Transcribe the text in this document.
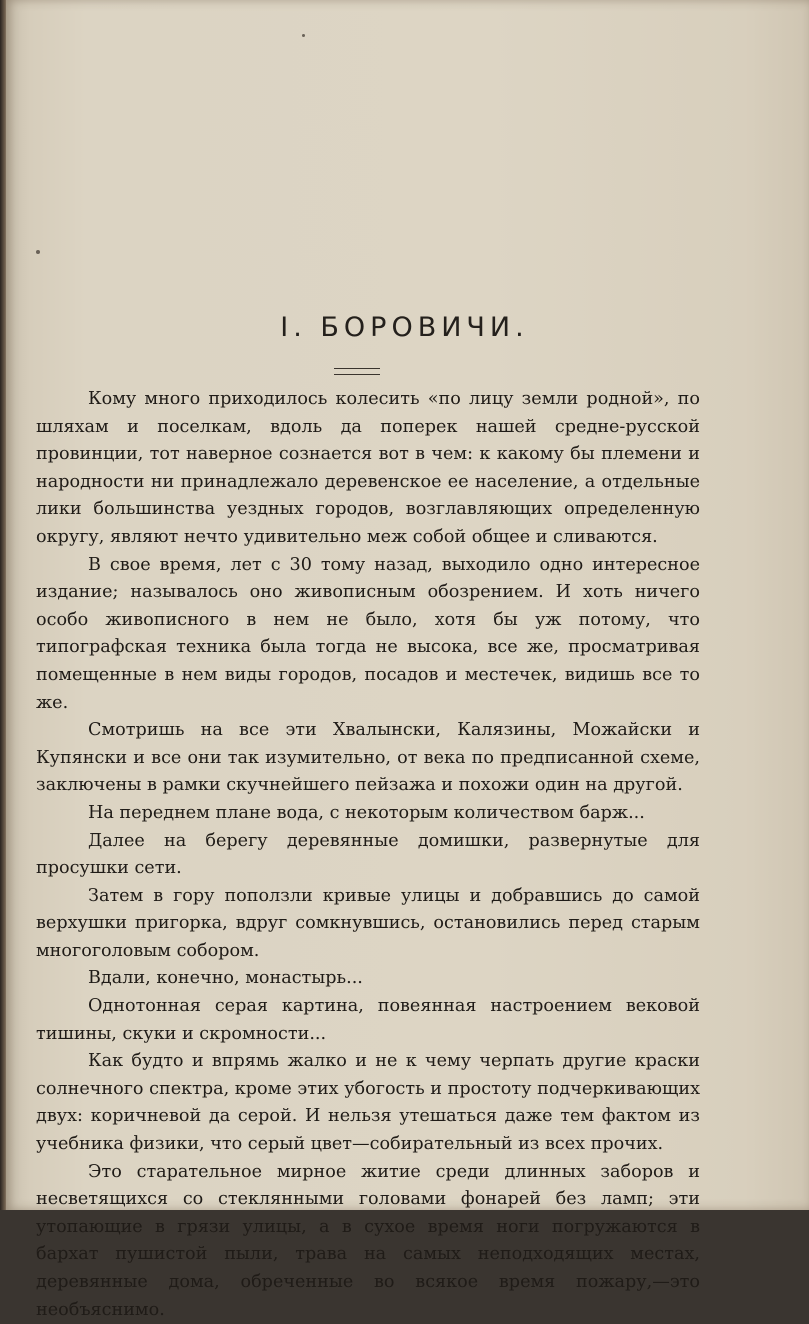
I. БОРОВИЧИ.

Кому много приходилось колесить «по лицу земли родной», по шляхам и поселкам, вдоль да поперек нашей средне-русской провинции, тот наверное сознается вот в чем: к какому бы племени и народности ни принадлежало деревенское ее население, а отдельные лики большинства уездных городов, возглавляющих определенную округу, являют нечто удивительно меж собой общее и сливаются.

В свое время, лет с 30 тому назад, выходило одно интересное издание; называлось оно живописным обозрением. И хоть ничего особо живописного в нем не было, хотя бы уж потому, что типографская техника была тогда не высока, все же, просматривая помещенные в нем виды городов, посадов и местечек, видишь все то же.

Смотришь на все эти Хвалынски, Калязины, Можайски и Купянски и все они так изумительно, от века по предписанной схеме, заключены в рамки скучнейшего пейзажа и похожи один на другой.

На переднем плане вода, с некоторым количеством барж...

Далее на берегу деревянные домишки, развернутые для просушки сети.

Затем в гору поползли кривые улицы и добравшись до самой верхушки пригорка, вдруг сомкнувшись, остановились перед старым многоголовым собором.

Вдали, конечно, монастырь...

Однотонная серая картина, повеянная настроением вековой тишины, скуки и скромности...

Как будто и впрямь жалко и не к чему черпать другие краски солнечного спектра, кроме этих убогость и простоту подчеркивающих двух: коричневой да серой. И нельзя утешаться даже тем фактом из учебника физики, что серый цвет—собирательный из всех прочих.

Это старательное мирное житие среди длинных заборов и несветящихся со стеклянными головами фонарей без ламп; эти утопающие в грязи улицы, а в сухое время ноги погружаются в бархат пушистой пыли, трава на самых неподходящих местах, деревянные дома, обреченные во всякое время пожару,—это необъяснимо.
